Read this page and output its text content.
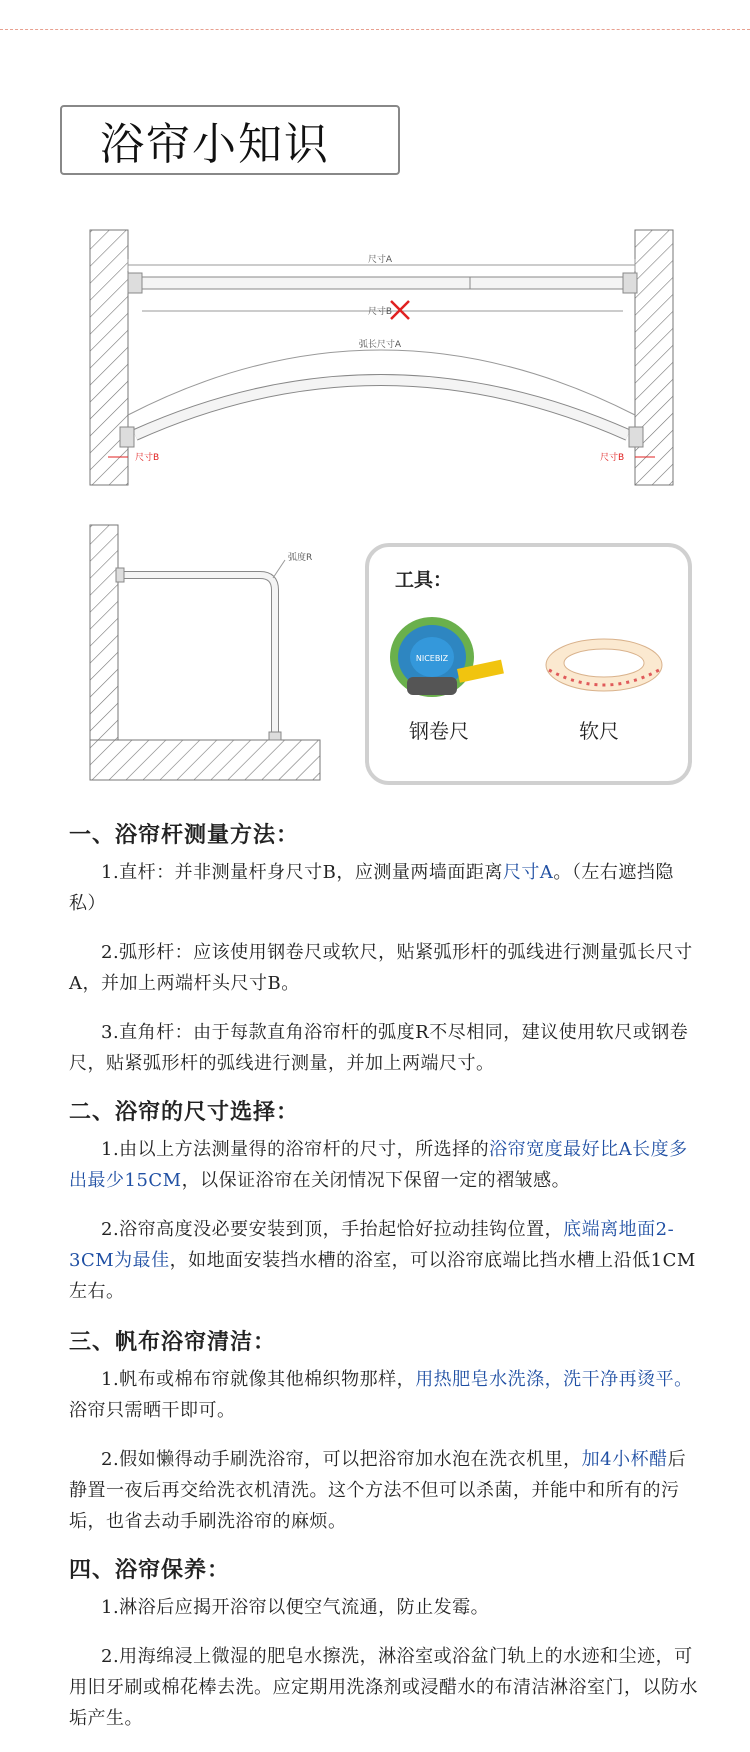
浴帘小知识
尺寸A
尺寸B
弧长尺寸A
尺寸B	尺寸B
弧度R
工具：
NICEBIZ
钢卷尺	软尺
一、浴帘杆测量方法：

1.直杆：并非测量杆身尺寸B，应测量两墙面距离尺寸A。（左右遮挡隐私）

2.弧形杆：应该使用钢卷尺或软尺，贴紧弧形杆的弧线进行测量弧长尺寸A，并加上两端杆头尺寸B。

3.直角杆：由于每款直角浴帘杆的弧度R不尽相同，建议使用软尺或钢卷尺，贴紧弧形杆的弧线进行测量，并加上两端尺寸。

二、浴帘的尺寸选择：

1.由以上方法测量得的浴帘杆的尺寸，所选择的浴帘宽度最好比A长度多出最少15CM，以保证浴帘在关闭情况下保留一定的褶皱感。

2.浴帘高度没必要安装到顶，手抬起恰好拉动挂钩位置，底端离地面2-3CM为最佳，如地面安装挡水槽的浴室，可以浴帘底端比挡水槽上沿低1CM左右。

三、帆布浴帘清洁：

1.帆布或棉布帘就像其他棉织物那样，用热肥皂水洗涤，洗干净再烫平。浴帘只需晒干即可。

2.假如懒得动手刷洗浴帘，可以把浴帘加水泡在洗衣机里，加4小杯醋后静置一夜后再交给洗衣机清洗。这个方法不但可以杀菌，并能中和所有的污垢，也省去动手刷洗浴帘的麻烦。

四、浴帘保养：

1.淋浴后应揭开浴帘以便空气流通，防止发霉。

2.用海绵浸上微湿的肥皂水擦洗，淋浴室或浴盆门轨上的水迹和尘迹，可用旧牙刷或棉花棒去洗。应定期用洗涤剂或浸醋水的布清洁淋浴室门，以防水垢产生。
